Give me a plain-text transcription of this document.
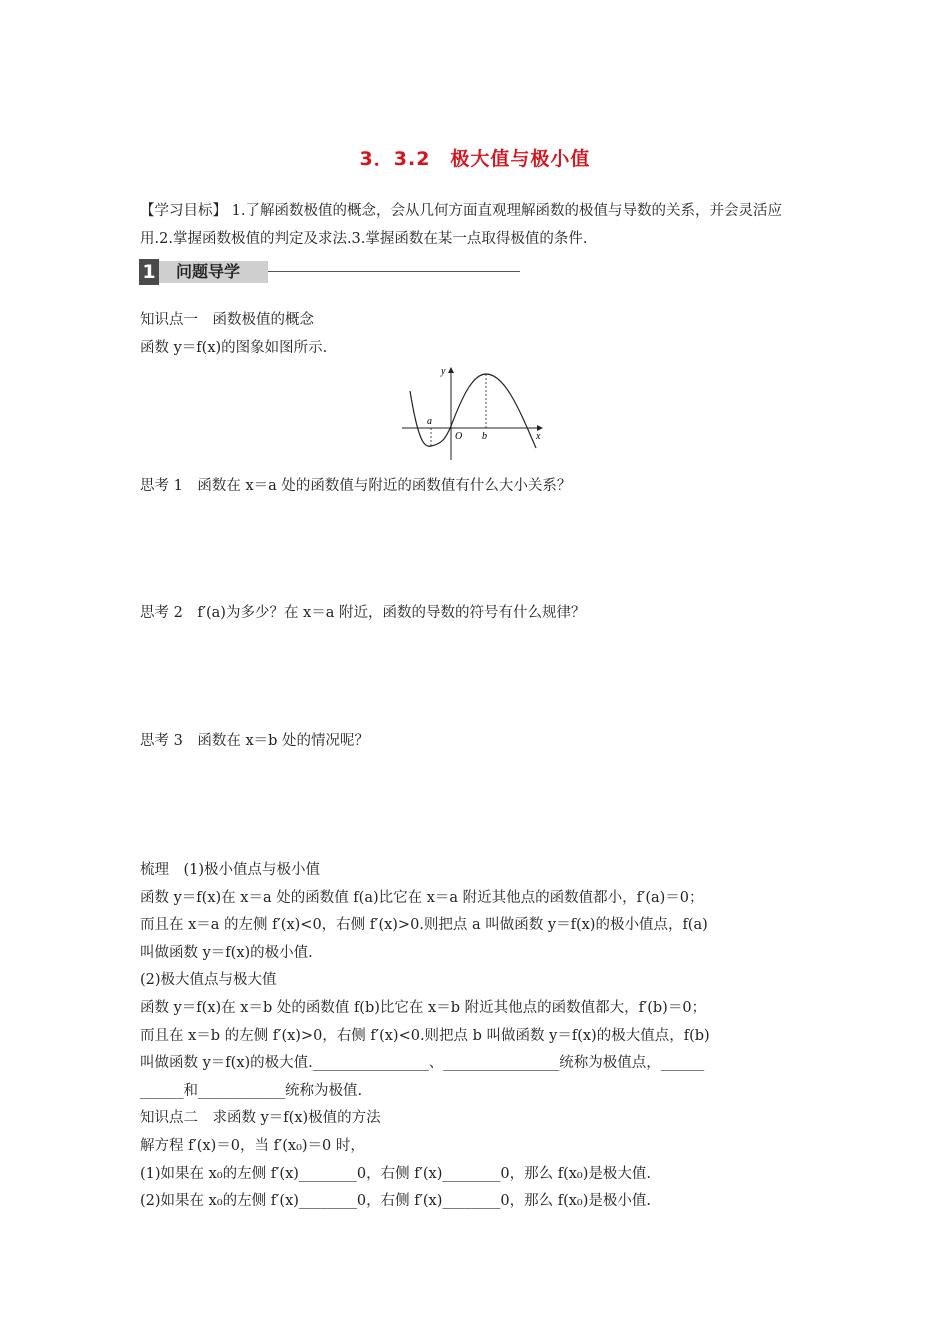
3．3.2　极大值与极小值
【学习目标】 1.了解函数极值的概念，会从几何方面直观理解函数的极值与导数的关系，并会灵活应用.2.掌握函数极值的判定及求法.3.掌握函数在某一点取得极值的条件.
1 问题导学
知识点一　函数极值的概念
函数 y＝f(x)的图象如图所示.
y
x
O
a
b
思考 1　函数在 x＝a 处的函数值与附近的函数值有什么大小关系？
思考 2　f′(a)为多少？在 x＝a 附近，函数的导数的符号有什么规律？
思考 3　函数在 x＝b 处的情况呢？
梳理　(1)极小值点与极小值
函数 y＝f(x)在 x＝a 处的函数值 f(a)比它在 x＝a 附近其他点的函数值都小，f′(a)＝0；
而且在 x＝a 的左侧 f′(x)<0，右侧 f′(x)>0.则把点 a 叫做函数 y＝f(x)的极小值点，f(a)
叫做函数 y＝f(x)的极小值.
(2)极大值点与极大值
函数 y＝f(x)在 x＝b 处的函数值 f(b)比它在 x＝b 附近其他点的函数值都大，f′(b)＝0；
而且在 x＝b 的左侧 f′(x)>0，右侧 f′(x)<0.则把点 b 叫做函数 y＝f(x)的极大值点，f(b)
叫做函数 y＝f(x)的极大值.________________、________________统称为极值点，______
______和____________统称为极值.
知识点二　求函数 y＝f(x)极值的方法
解方程 f′(x)＝0，当 f′(x₀)＝0 时，
(1)如果在 x₀的左侧 f′(x)________0，右侧 f′(x)________0，那么 f(x₀)是极大值.
(2)如果在 x₀的左侧 f′(x)________0，右侧 f′(x)________0，那么 f(x₀)是极小值.
